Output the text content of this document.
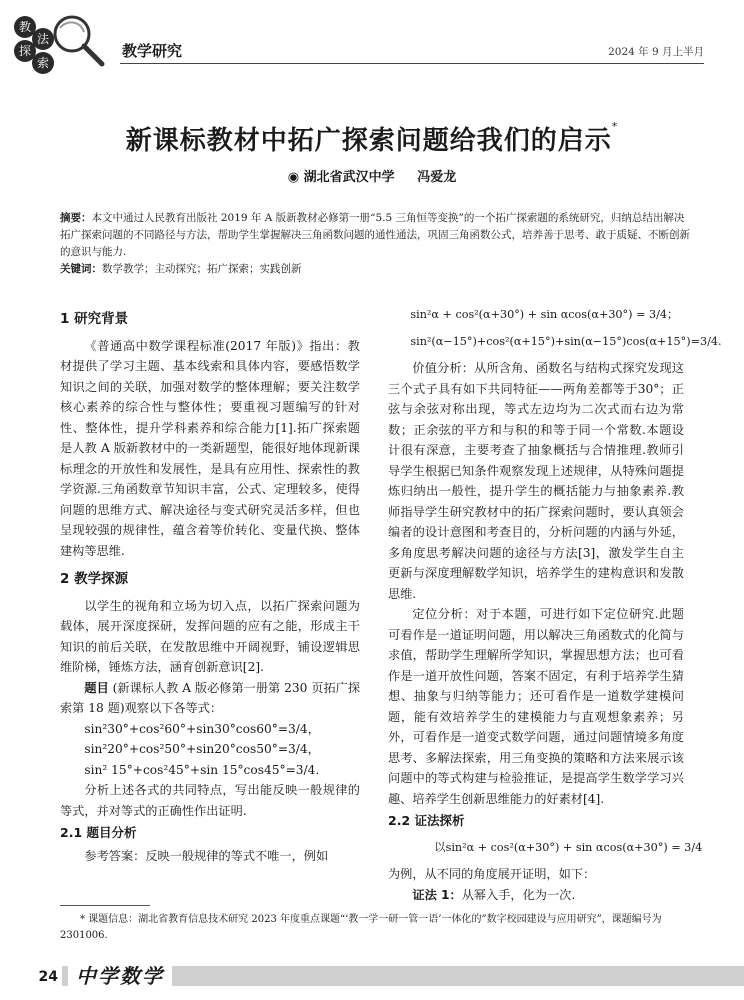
教
法
探
索
教学研究	2024 年 9 月上半月
新课标教材中拓广探索问题给我们的启示*
◉ 湖北省武汉中学 冯爱龙
摘要：本文中通过人民教育出版社 2019 年 A 版新教材必修第一册“5.5 三角恒等变换”的一个拓广探索题的系统研究，归纳总结出解决拓广探索问题的不同路径与方法，帮助学生掌握解决三角函数问题的通性通法，巩固三角函数公式，培养善于思考、敢于质疑、不断创新的意识与能力.
关键词：数学教学；主动探究；拓广探索；实践创新
1 研究背景

《普通高中数学课程标准(2017 年版)》指出：教材提供了学习主题、基本线索和具体内容，要感悟数学知识之间的关联，加强对数学的整体理解；要关注数学核心素养的综合性与整体性；要重视习题编写的针对性、整体性，提升学科素养和综合能力[1].拓广探索题是人教 A 版新教材中的一类新题型，能很好地体现新课标理念的开放性和发展性，是具有应用性、探索性的教学资源.三角函数章节知识丰富，公式、定理较多，使得问题的思维方式、解决途径与变式研究灵活多样，但也呈现较强的规律性，蕴含着等价转化、变量代换、整体建构等思维.

2 教学探源

以学生的视角和立场为切入点，以拓广探索问题为载体，展开深度探研，发挥问题的应有之能，形成主干知识的前后关联，在发散思维中开阔视野，铺设逻辑思维阶梯，锤炼方法，涵育创新意识[2].

题目 (新课标人教 A 版必修第一册第 230 页拓广探索第 18 题)观察以下各等式：

sin²30°+cos²60°+sin30°cos60°=3/4，

sin²20°+cos²50°+sin20°cos50°=3/4，

sin² 15°+cos²45°+sin 15°cos45°=3/4.

分析上述各式的共同特点，写出能反映一般规律的等式，并对等式的正确性作出证明.

2.1 题目分析

参考答案：反映一般规律的等式不唯一，例如

sin²α + cos²(α+30°) + sin αcos(α+30°) = 3/4；

sin²(α−15°)+cos²(α+15°)+sin(α−15°)cos(α+15°)=3/4.

价值分析：从所含角、函数名与结构式探究发现这三个式子具有如下共同特征——两角差都等于30°；正弦与余弦对称出现，等式左边均为二次式而右边为常数；正余弦的平方和与积的和等于同一个常数.本题设计很有深意，主要考查了抽象概括与合情推理.教师引导学生根据已知条件观察发现上述规律，从特殊问题提炼归纳出一般性，提升学生的概括能力与抽象素养.教师指导学生研究教材中的拓广探索问题时，要认真领会编者的设计意图和考查目的，分析问题的内涵与外延，多角度思考解决问题的途径与方法[3]，激发学生自主更新与深度理解数学知识，培养学生的建构意识和发散思维.

定位分析：对于本题，可进行如下定位研究.此题可看作是一道证明问题，用以解决三角函数式的化简与求值，帮助学生理解所学知识，掌握思想方法；也可看作是一道开放性问题，答案不固定，有利于培养学生猜想、抽象与归纳等能力；还可看作是一道数学建模问题，能有效培养学生的建模能力与直观想象素养；另外，可看作是一道变式数学问题，通过问题情境多角度思考、多解法探索，用三角变换的策略和方法来展示该问题中的等式构建与检验推证，是提高学生数学学习兴趣、培养学生创新思维能力的好素材[4].

2.2 证法探析

以sin²α + cos²(α+30°) + sin αcos(α+30°) = 3/4

为例，从不同的角度展开证明，如下：

证法 1：从幂入手，化为一次.

* 课题信息：湖北省教育信息技术研究 2023 年度重点课题“‘教一学一研一管一语’一体化的”数字校园建设与应用研究”，课题编号为 2301006.
24 中学数学
